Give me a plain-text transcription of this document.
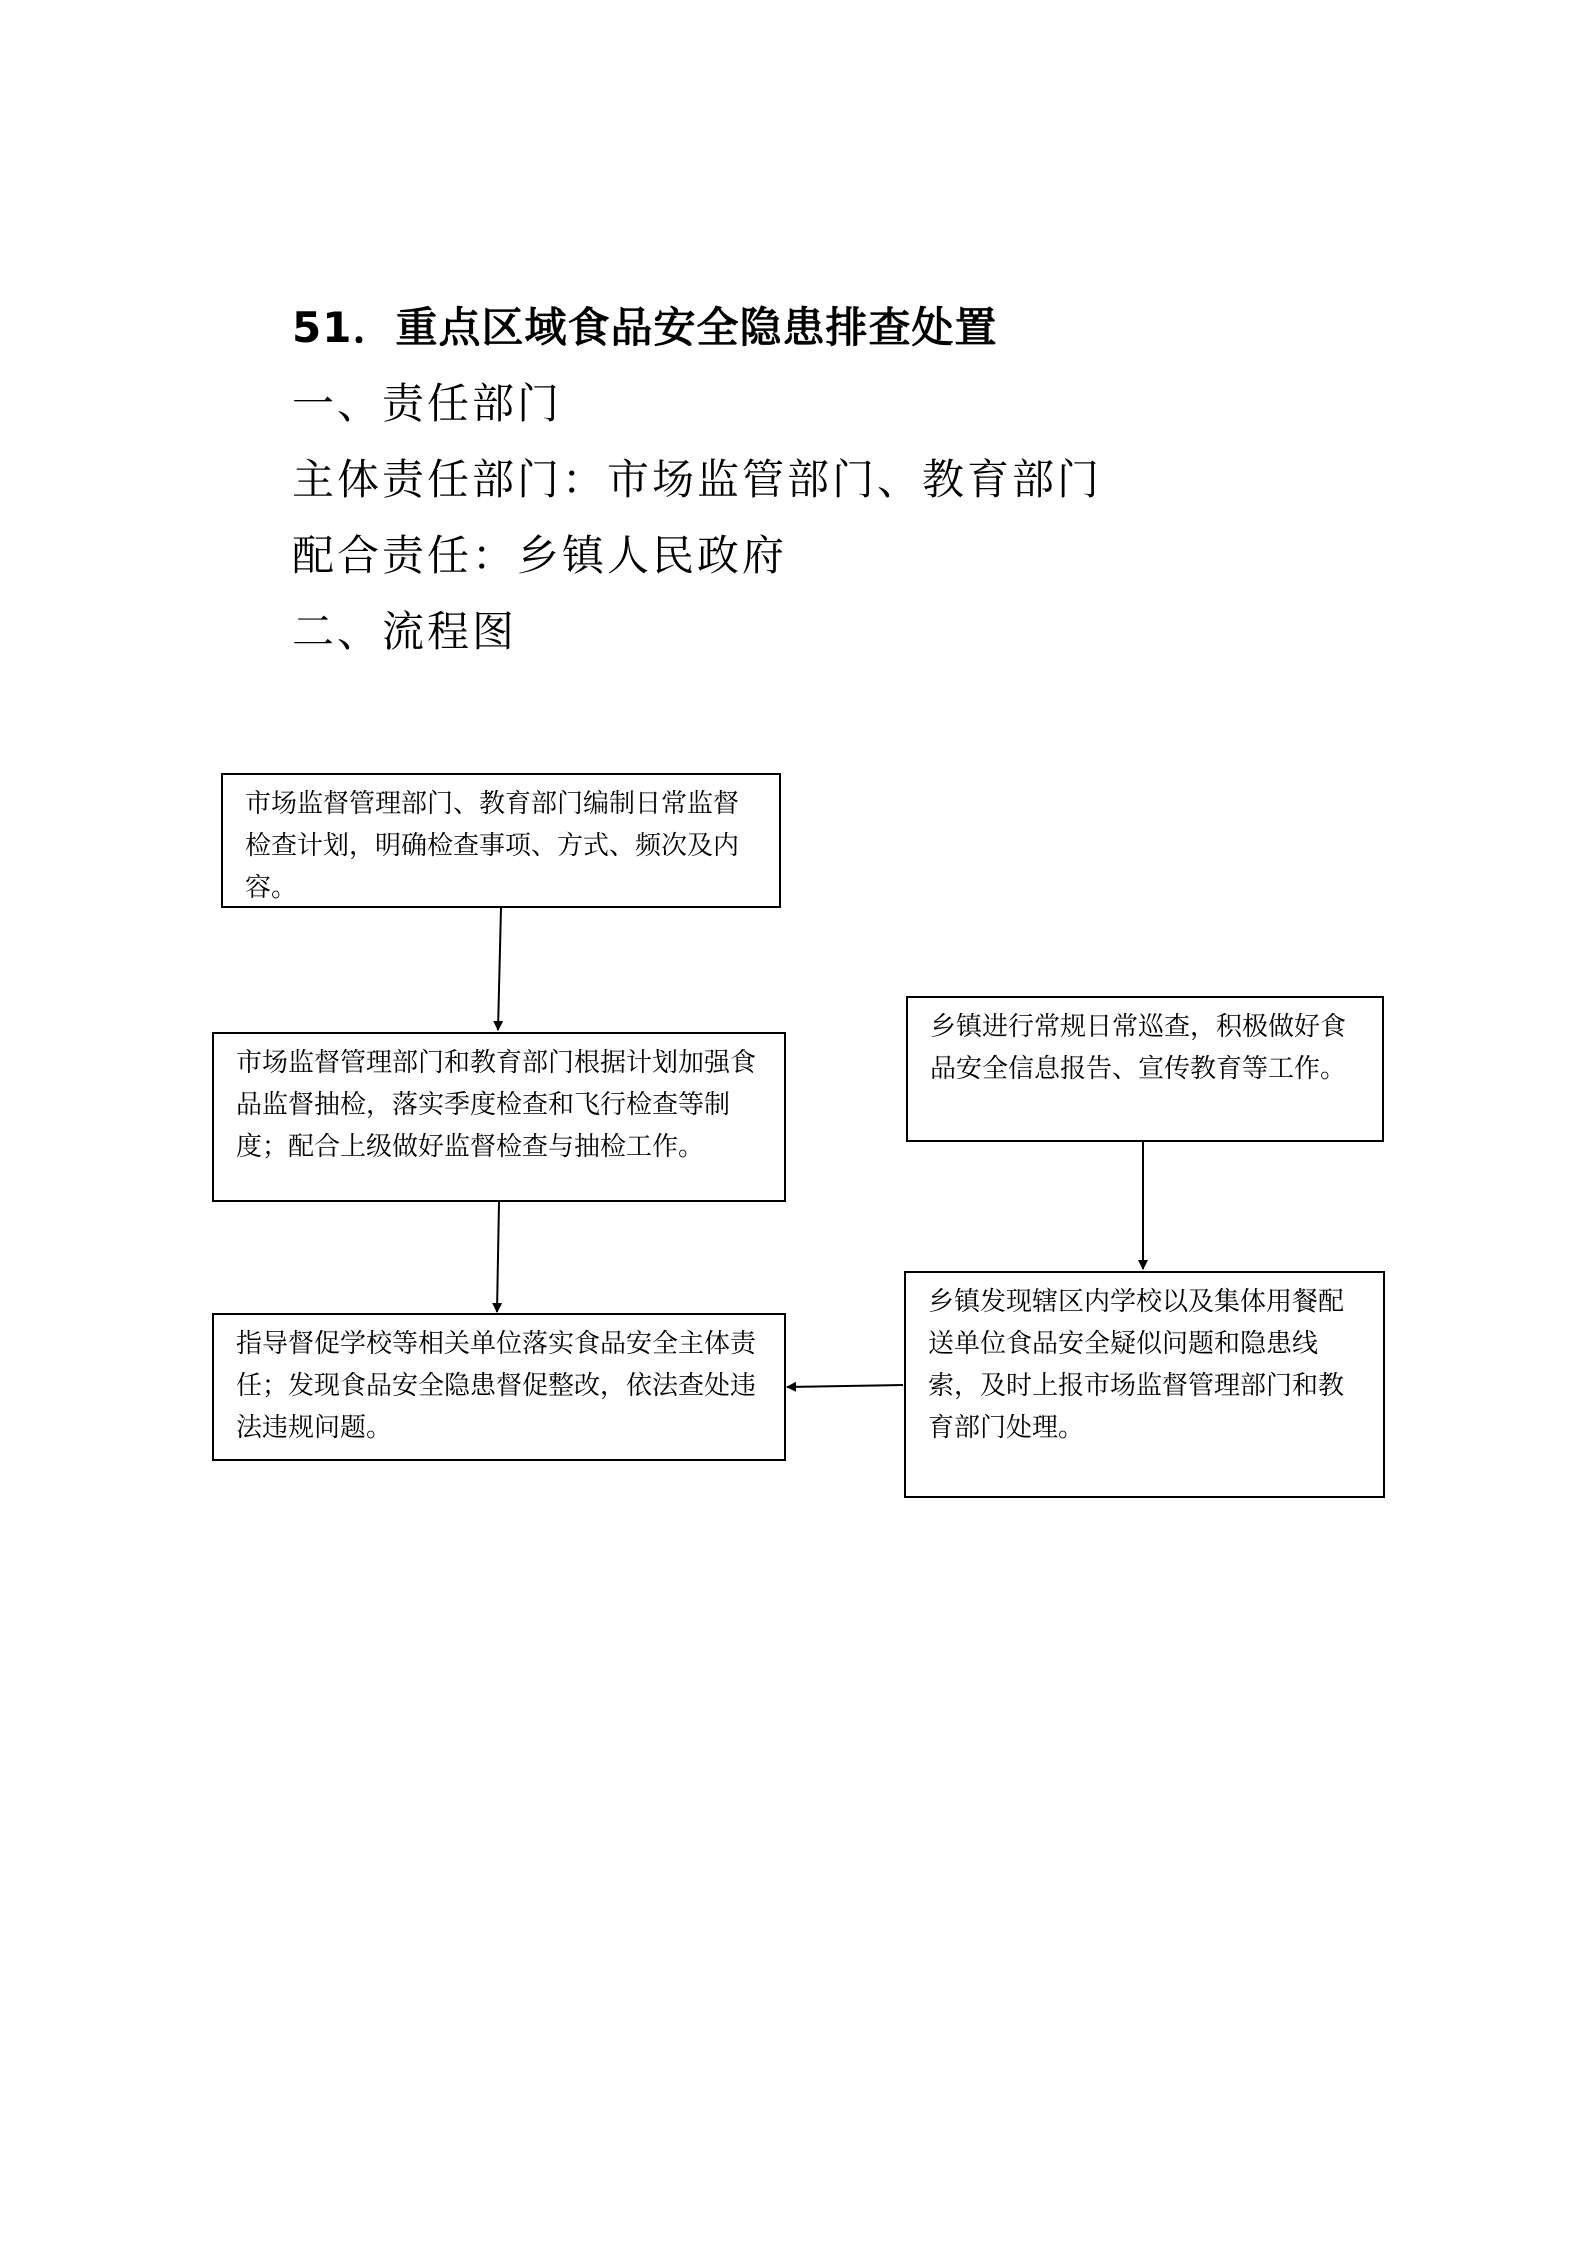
51．重点区域食品安全隐患排查处置
一、责任部门
主体责任部门：市场监管部门、教育部门
配合责任：乡镇人民政府
二、流程图
市场监督管理部门、教育部门编制日常监督检查计划，明确检查事项、方式、频次及内容。
市场监督管理部门和教育部门根据计划加强食品监督抽检，落实季度检查和飞行检查等制度；配合上级做好监督检查与抽检工作。
指导督促学校等相关单位落实食品安全主体责任；发现食品安全隐患督促整改，依法查处违法违规问题。
乡镇进行常规日常巡查，积极做好食品安全信息报告、宣传教育等工作。
乡镇发现辖区内学校以及集体用餐配送单位食品安全疑似问题和隐患线索，及时上报市场监督管理部门和教育部门处理。
